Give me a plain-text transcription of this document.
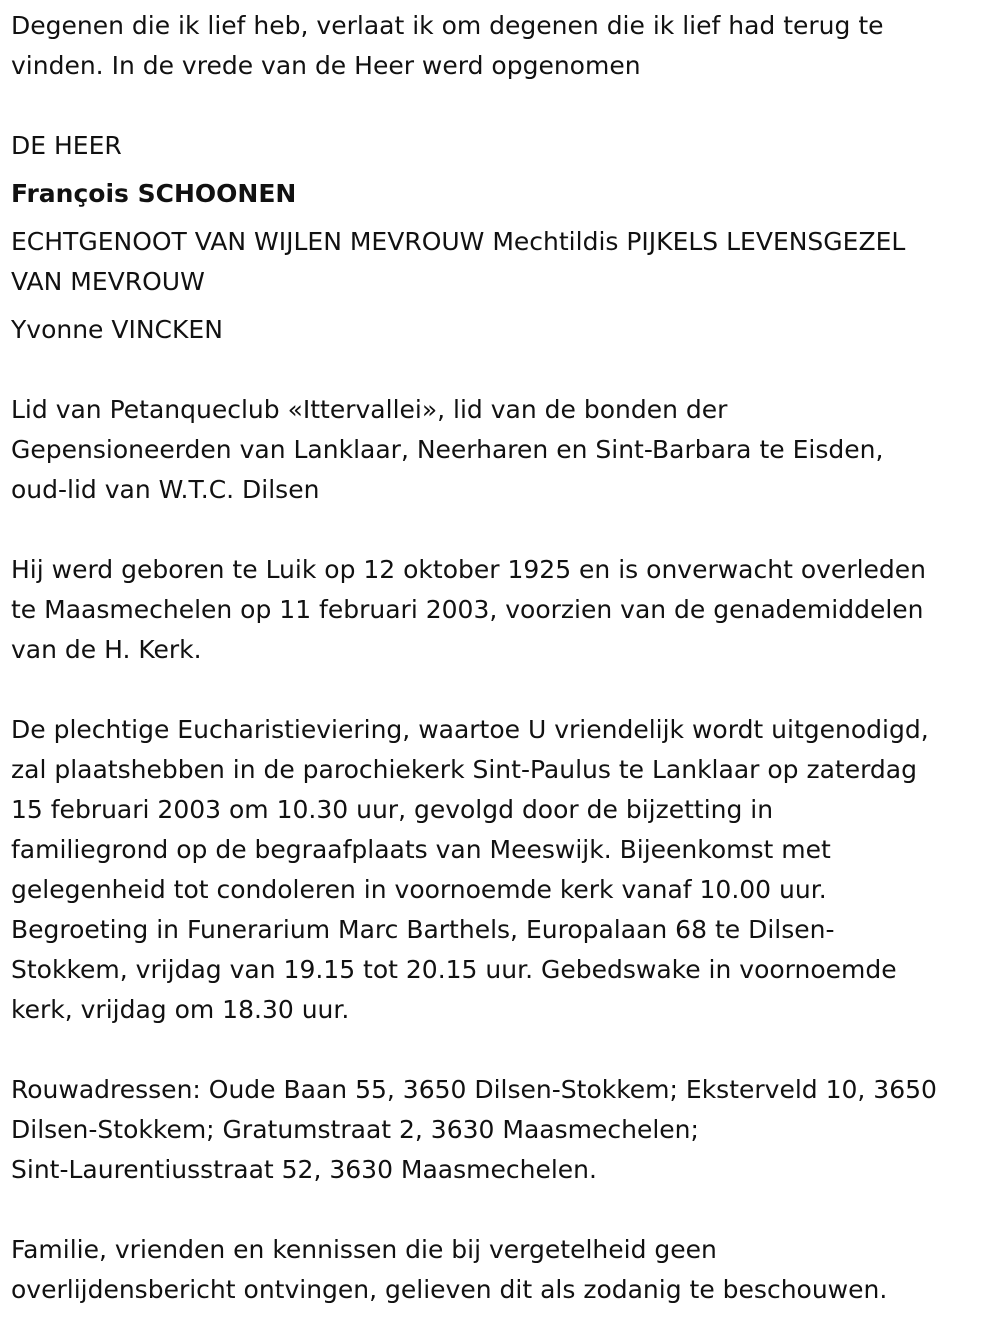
Degenen die ik lief heb, verlaat ik om degenen die ik lief had terug te
vinden. In de vrede van de Heer werd opgenomen

DE HEER

François SCHOONEN

ECHTGENOOT VAN WIJLEN MEVROUW Mechtildis PIJKELS LEVENSGEZEL
VAN MEVROUW

Yvonne VINCKEN

Lid van Petanqueclub «Ittervallei», lid van de bonden der
Gepensioneerden van Lanklaar, Neerharen en Sint-Barbara te Eisden,
oud-lid van W.T.C. Dilsen

Hij werd geboren te Luik op 12 oktober 1925 en is onverwacht overleden
te Maasmechelen op 11 februari 2003, voorzien van de genademiddelen
van de H. Kerk.

De plechtige Eucharistieviering, waartoe U vriendelijk wordt uitgenodigd,
zal plaatshebben in de parochiekerk Sint-Paulus te Lanklaar op zaterdag
15 februari 2003 om 10.30 uur, gevolgd door de bijzetting in
familiegrond op de begraafplaats van Meeswijk. Bijeenkomst met
gelegenheid tot condoleren in voornoemde kerk vanaf 10.00 uur.
Begroeting in Funerarium Marc Barthels, Europalaan 68 te Dilsen-
Stokkem, vrijdag van 19.15 tot 20.15 uur. Gebedswake in voornoemde
kerk, vrijdag om 18.30 uur.

Rouwadressen: Oude Baan 55, 3650 Dilsen-Stokkem; Eksterveld 10, 3650
Dilsen-Stokkem; Gratumstraat 2, 3630 Maasmechelen;
Sint-Laurentiusstraat 52, 3630 Maasmechelen.

Familie, vrienden en kennissen die bij vergetelheid geen
overlijdensbericht ontvingen, gelieven dit als zodanig te beschouwen.
